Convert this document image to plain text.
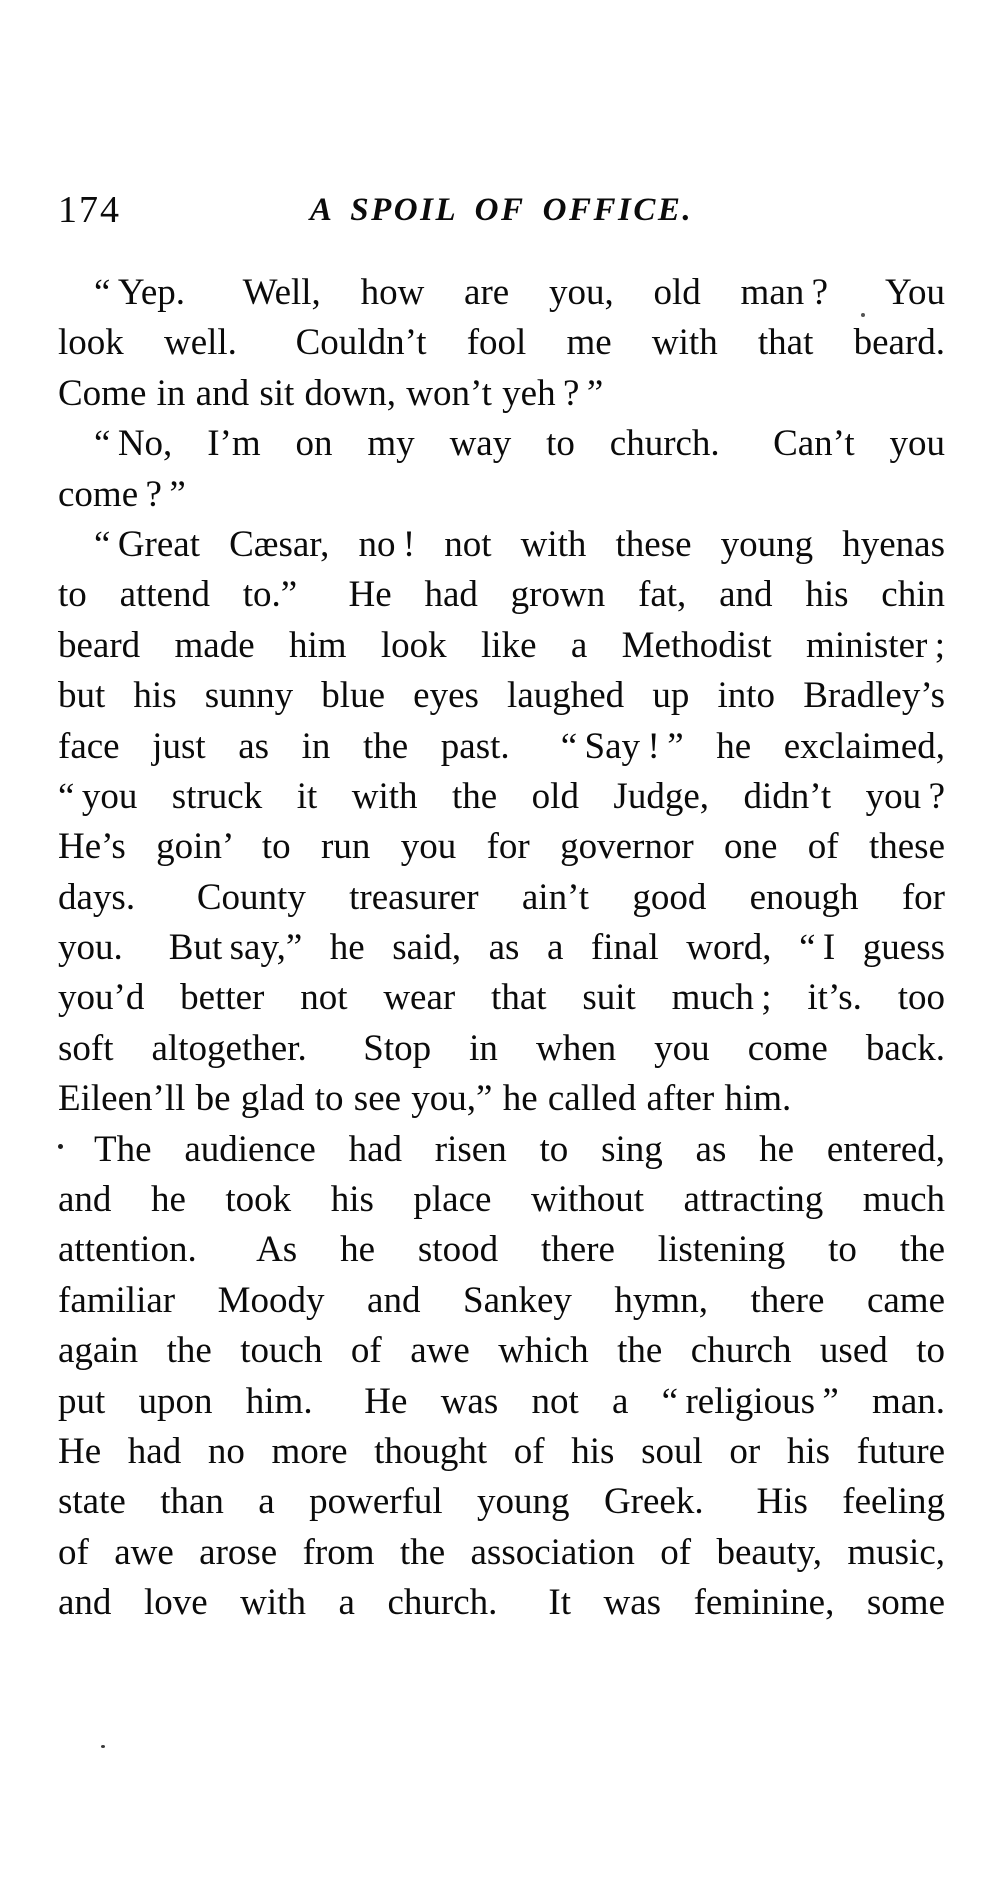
174	A SPOIL OF OFFICE.
“ Yep.  Well, how are you, old man ?  You
look well.  Couldn’t fool me with that beard.
Come in and sit down, won’t yeh ? ”
“ No, I’m on my way to church.  Can’t you
come ? ”
“ Great Cæsar, no ! not with these young hyenas
to attend to.”  He had grown fat, and his chin
beard made him look like a Methodist minister ;
but his sunny blue eyes laughed up into Bradley’s
face just as in the past.  “ Say ! ” he exclaimed,
“ you struck it with the old Judge, didn’t you ?
He’s goin’ to run you for governor one of these
days.  County treasurer ain’t good enough for
you.  But say,” he said, as a final word, “ I guess
you’d better not wear that suit much ; it’s. too
soft altogether.  Stop in when you come back.
Eileen’ll be glad to see you,” he called after him.
The audience had risen to sing as he entered,
and he took his place without attracting much
attention.  As he stood there listening to the
familiar Moody and Sankey hymn, there came
again the touch of awe which the church used to
put upon him.  He was not a “ religious ” man.
He had no more thought of his soul or his future
state than a powerful young Greek.  His feeling
of awe arose from the association of beauty, music,
and love with a church.  It was feminine, some
